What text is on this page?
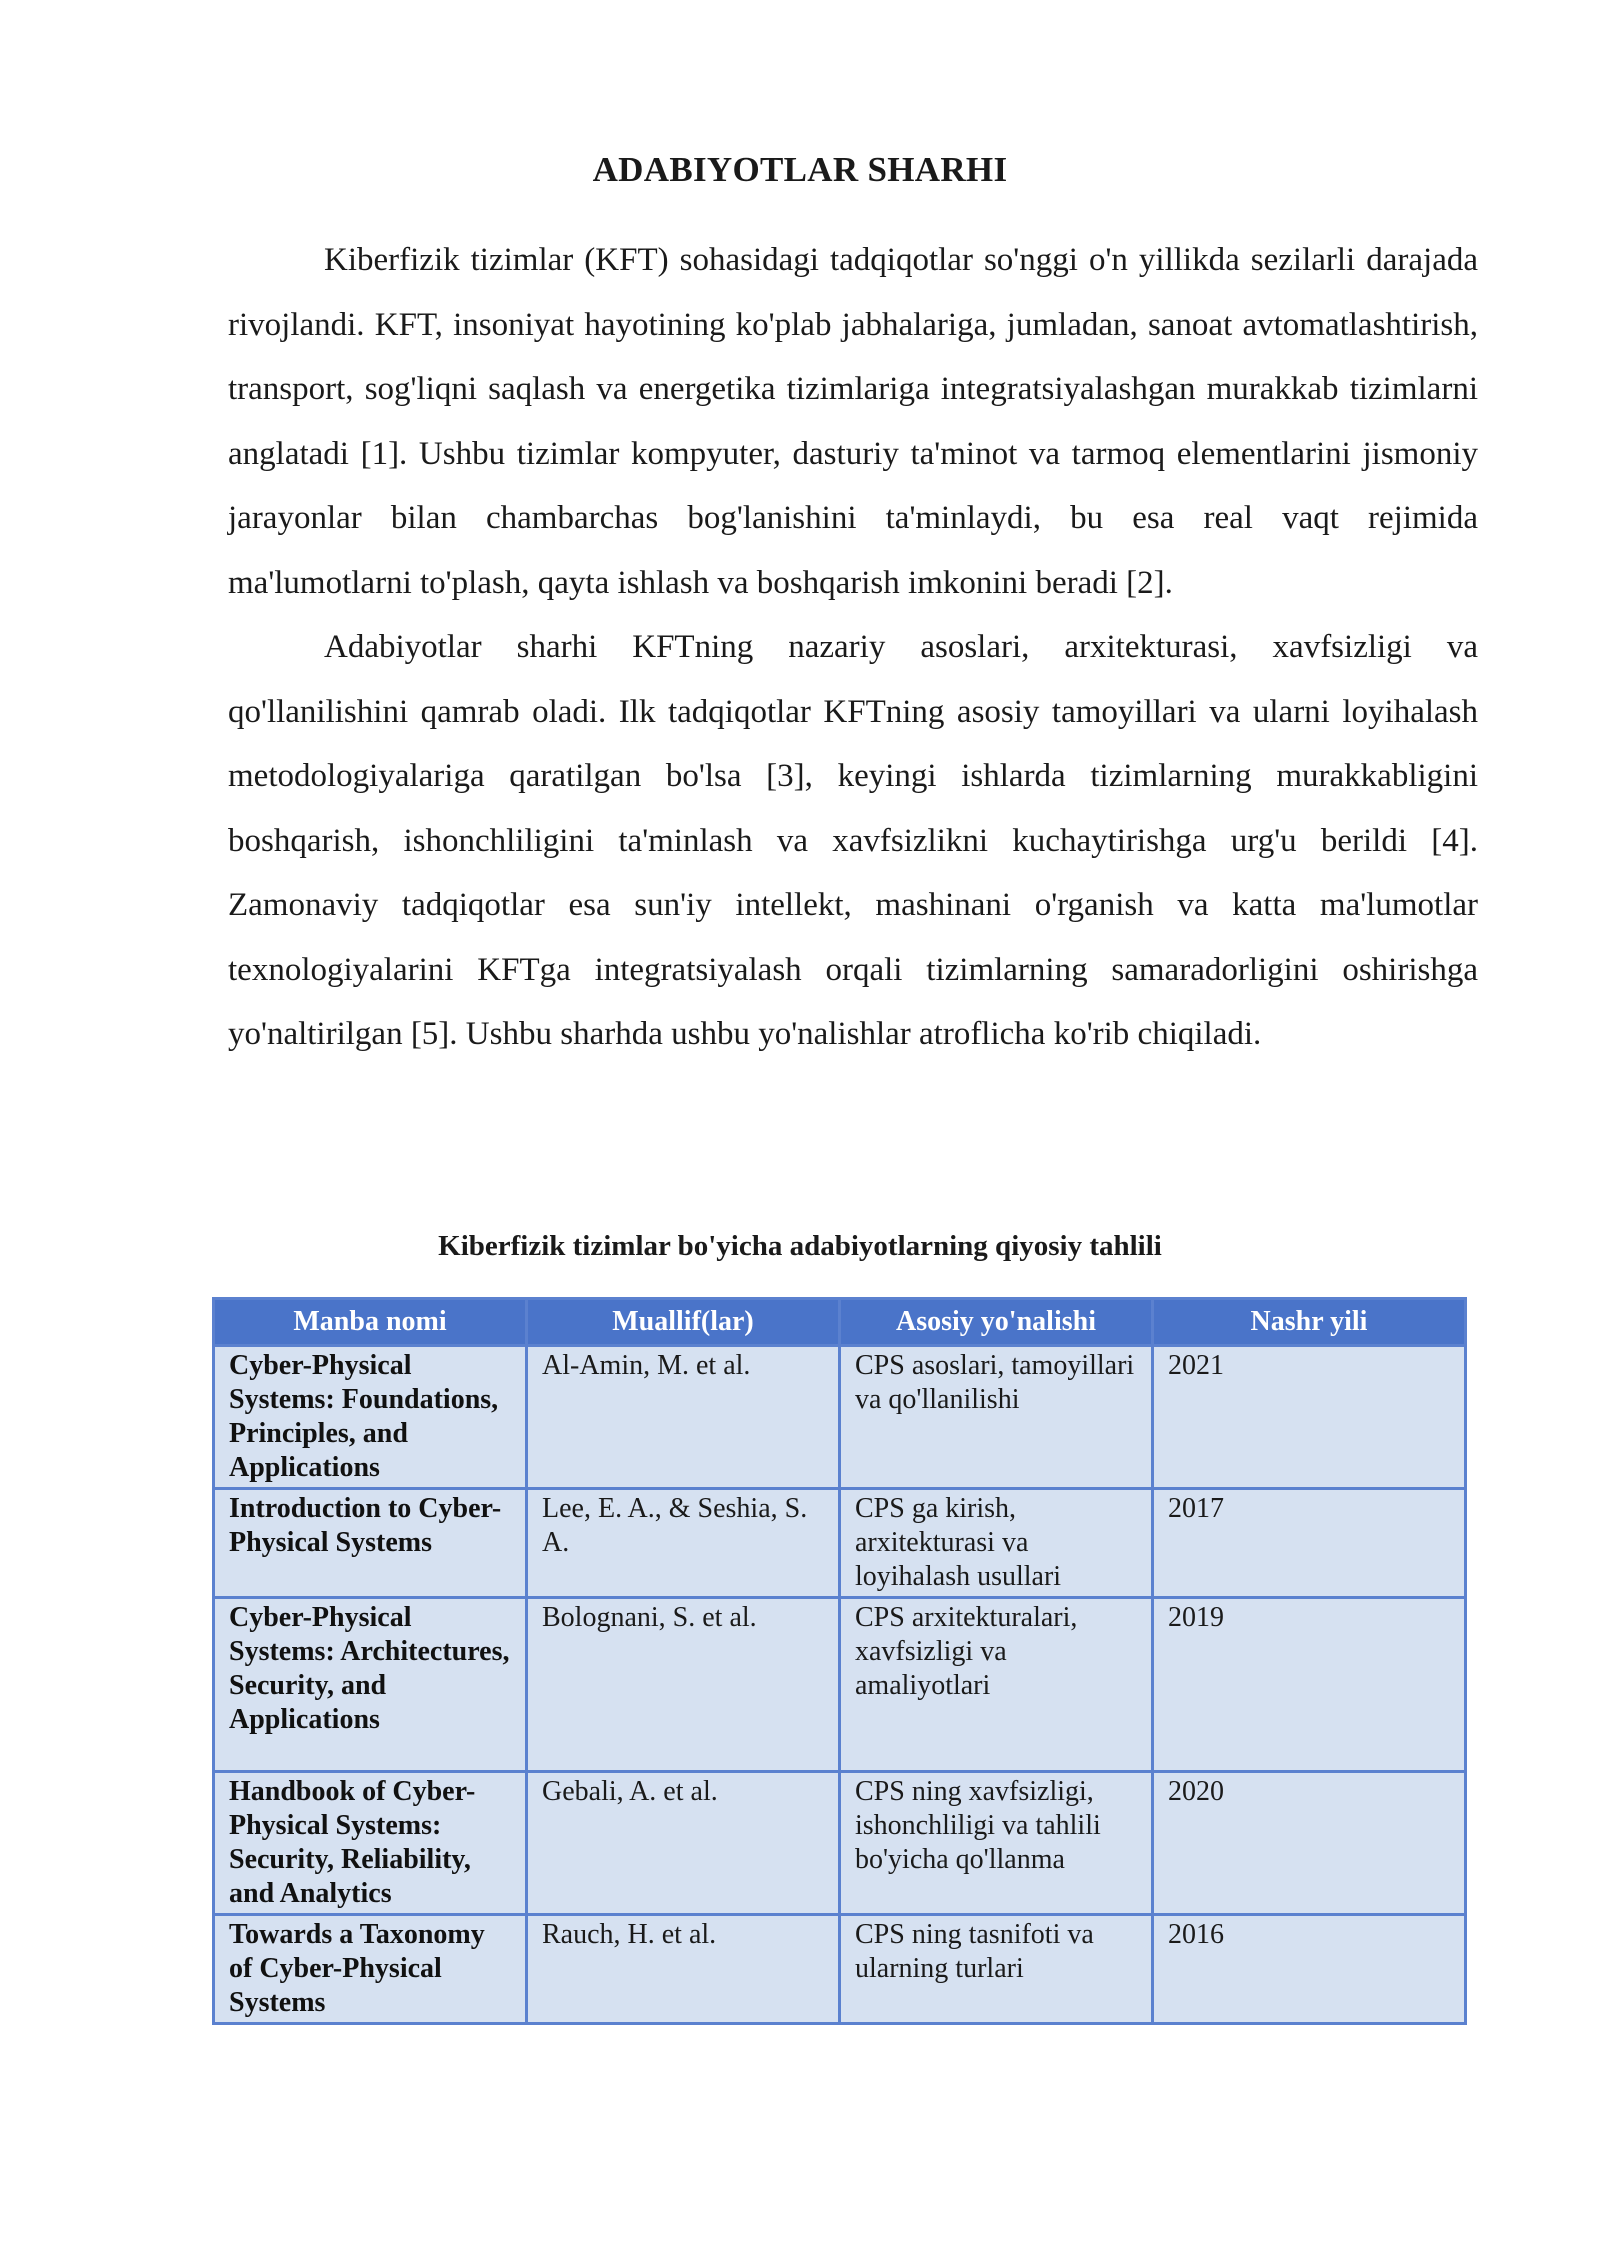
ADABIYOTLAR SHARHI

Kiberfizik tizimlar (KFT) sohasidagi tadqiqotlar so'nggi o'n yillikda sezilarli darajada rivojlandi. KFT, insoniyat hayotining ko'plab jabhalariga, jumladan, sanoat avtomatlashtirish, transport, sog'liqni saqlash va energetika tizimlariga integratsiyalashgan murakkab tizimlarni anglatadi [1]. Ushbu tizimlar kompyuter, dasturiy ta'minot va tarmoq elementlarini jismoniy jarayonlar bilan chambarchas bog'lanishini ta'minlaydi, bu esa real vaqt rejimida ma'lumotlarni to'plash, qayta ishlash va boshqarish imkonini beradi [2].

Adabiyotlar sharhi KFTning nazariy asoslari, arxitekturasi, xavfsizligi va qo'llanilishini qamrab oladi. Ilk tadqiqotlar KFTning asosiy tamoyillari va ularni loyihalash metodologiyalariga qaratilgan bo'lsa [3], keyingi ishlarda tizimlarning murakkabligini boshqarish, ishonchliligini ta'minlash va xavfsizlikni kuchaytirishga urg'u berildi [4]. Zamonaviy tadqiqotlar esa sun'iy intellekt, mashinani o'rganish va katta ma'lumotlar texnologiyalarini KFTga integratsiyalash orqali tizimlarning samaradorligini oshirishga yo'naltirilgan [5]. Ushbu sharhda ushbu yo'nalishlar atroflicha ko'rib chiqiladi.

Kiberfizik tizimlar bo'yicha adabiyotlarning qiyosiy tahlili
Manba nomi	Muallif(lar)	Asosiy yo'nalishi	Nashr yili
Cyber-Physical Systems: Foundations, Principles, and Applications	Al-Amin, M. et al.	CPS asoslari, tamoyillari va qo'llanilishi	2021
Introduction to Cyber-Physical Systems	Lee, E. A., & Seshia, S. A.	CPS ga kirish, arxitekturasi va loyihalash usullari	2017
Cyber-Physical Systems: Architectures, Security, and Applications	Bolognani, S. et al.	CPS arxitekturalari, xavfsizligi va amaliyotlari	2019
Handbook of Cyber-Physical Systems: Security, Reliability, and Analytics	Gebali, A. et al.	CPS ning xavfsizligi, ishonchliligi va tahlili bo'yicha qo'llanma	2020
Towards a Taxonomy of Cyber-Physical Systems	Rauch, H. et al.	CPS ning tasnifoti va ularning turlari	2016
